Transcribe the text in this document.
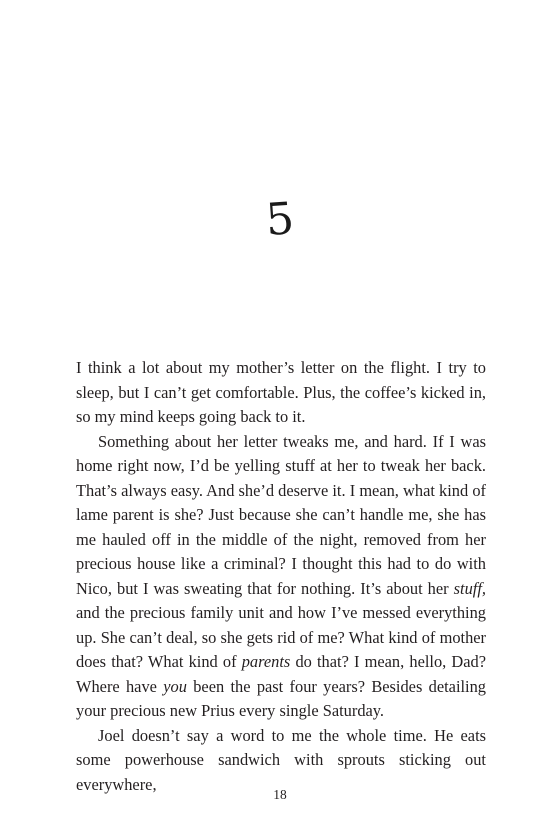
5

I think a lot about my mother’s letter on the flight. I try to sleep, but I can’t get comfortable. Plus, the coffee’s kicked in, so my mind keeps going back to it.

Something about her letter tweaks me, and hard. If I was home right now, I’d be yelling stuff at her to tweak her back. That’s always easy. And she’d deserve it. I mean, what kind of lame parent is she? Just because she can’t handle me, she has me hauled off in the middle of the night, removed from her precious house like a criminal? I thought this had to do with Nico, but I was sweating that for nothing. It’s about her stuff, and the precious family unit and how I’ve messed everything up. She can’t deal, so she gets rid of me? What kind of mother does that? What kind of parents do that? I mean, hello, Dad? Where have you been the past four years? Besides detailing your precious new Prius every single Saturday.

Joel doesn’t say a word to me the whole time. He eats some powerhouse sandwich with sprouts sticking out everywhere,

18
